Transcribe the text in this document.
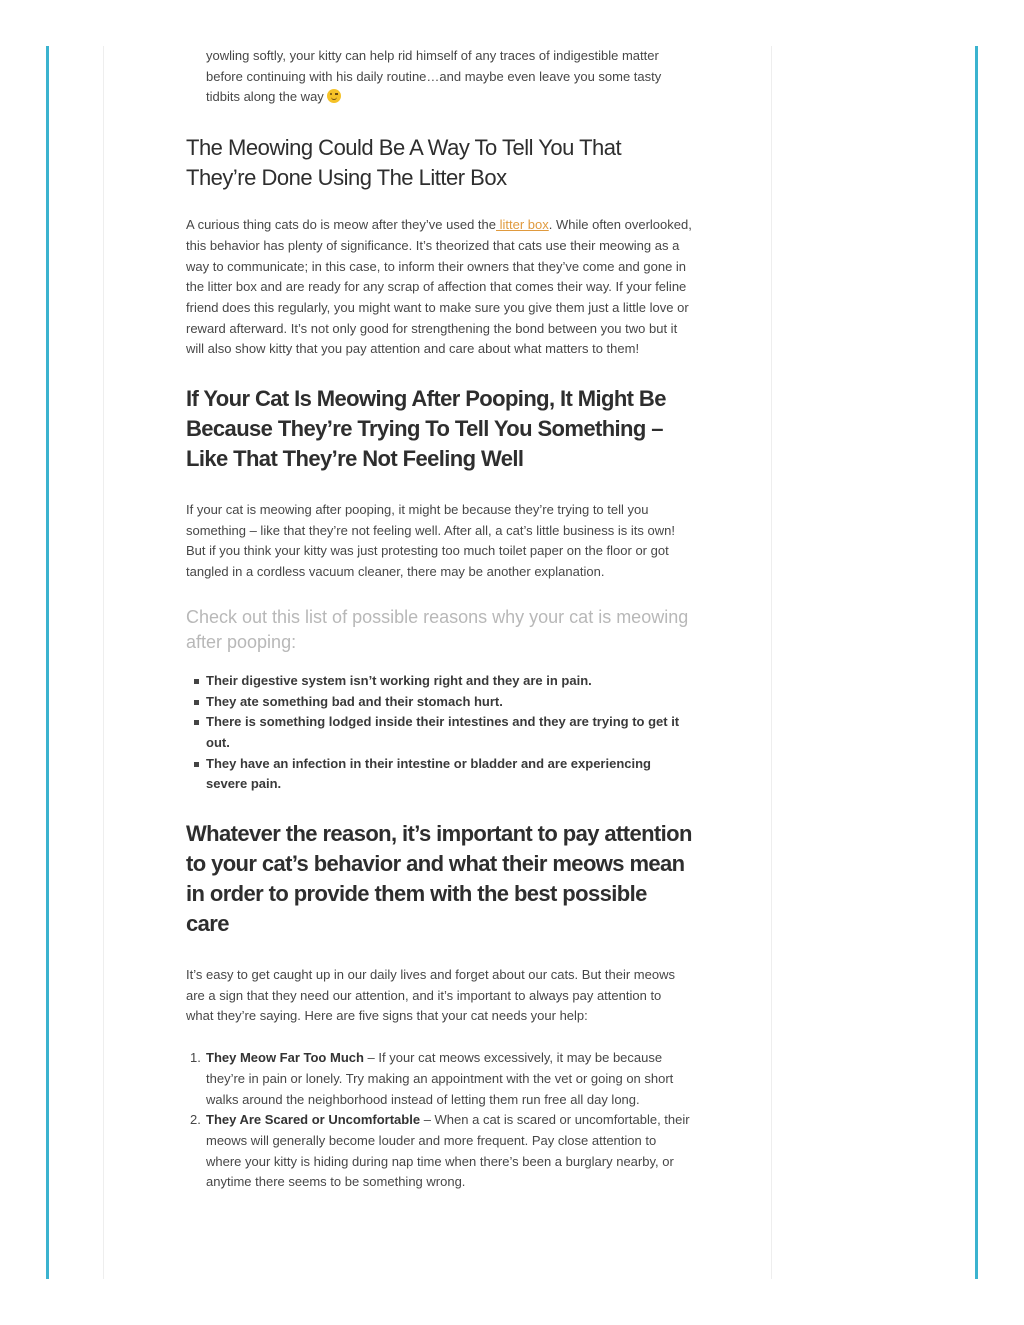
yowling softly, your kitty can help rid himself of any traces of indigestible matter before continuing with his daily routine…and maybe even leave you some tasty tidbits along the way

The Meowing Could Be A Way To Tell You That They’re Done Using The Litter Box

A curious thing cats do is meow after they’ve used the litter box. While often overlooked, this behavior has plenty of significance. It’s theorized that cats use their meowing as a way to communicate; in this case, to inform their owners that they’ve come and gone in the litter box and are ready for any scrap of affection that comes their way. If your feline friend does this regularly, you might want to make sure you give them just a little love or reward afterward. It’s not only good for strengthening the bond between you two but it will also show kitty that you pay attention and care about what matters to them!

If Your Cat Is Meowing After Pooping, It Might Be Because They’re Trying To Tell You Something – Like That They’re Not Feeling Well

If your cat is meowing after pooping, it might be because they’re trying to tell you something – like that they’re not feeling well. After all, a cat’s little business is its own! But if you think your kitty was just protesting too much toilet paper on the floor or got tangled in a cordless vacuum cleaner, there may be another explanation.

Check out this list of possible reasons why your cat is meowing after pooping:
Their digestive system isn’t working right and they are in pain.
They ate something bad and their stomach hurt.
There is something lodged inside their intestines and they are trying to get it out.
They have an infection in their intestine or bladder and are experiencing severe pain.
Whatever the reason, it’s important to pay attention to your cat’s behavior and what their meows mean in order to provide them with the best possible care

It’s easy to get caught up in our daily lives and forget about our cats. But their meows are a sign that they need our attention, and it’s important to always pay attention to what they’re saying. Here are five signs that your cat needs your help:

1. They Meow Far Too Much – If your cat meows excessively, it may be because they’re in pain or lonely. Try making an appointment with the vet or going on short walks around the neighborhood instead of letting them run free all day long.
2. They Are Scared or Uncomfortable – When a cat is scared or uncomfortable, their meows will generally become louder and more frequent. Pay close attention to where your kitty is hiding during nap time when there’s been a burglary nearby, or anytime there seems to be something wrong.
